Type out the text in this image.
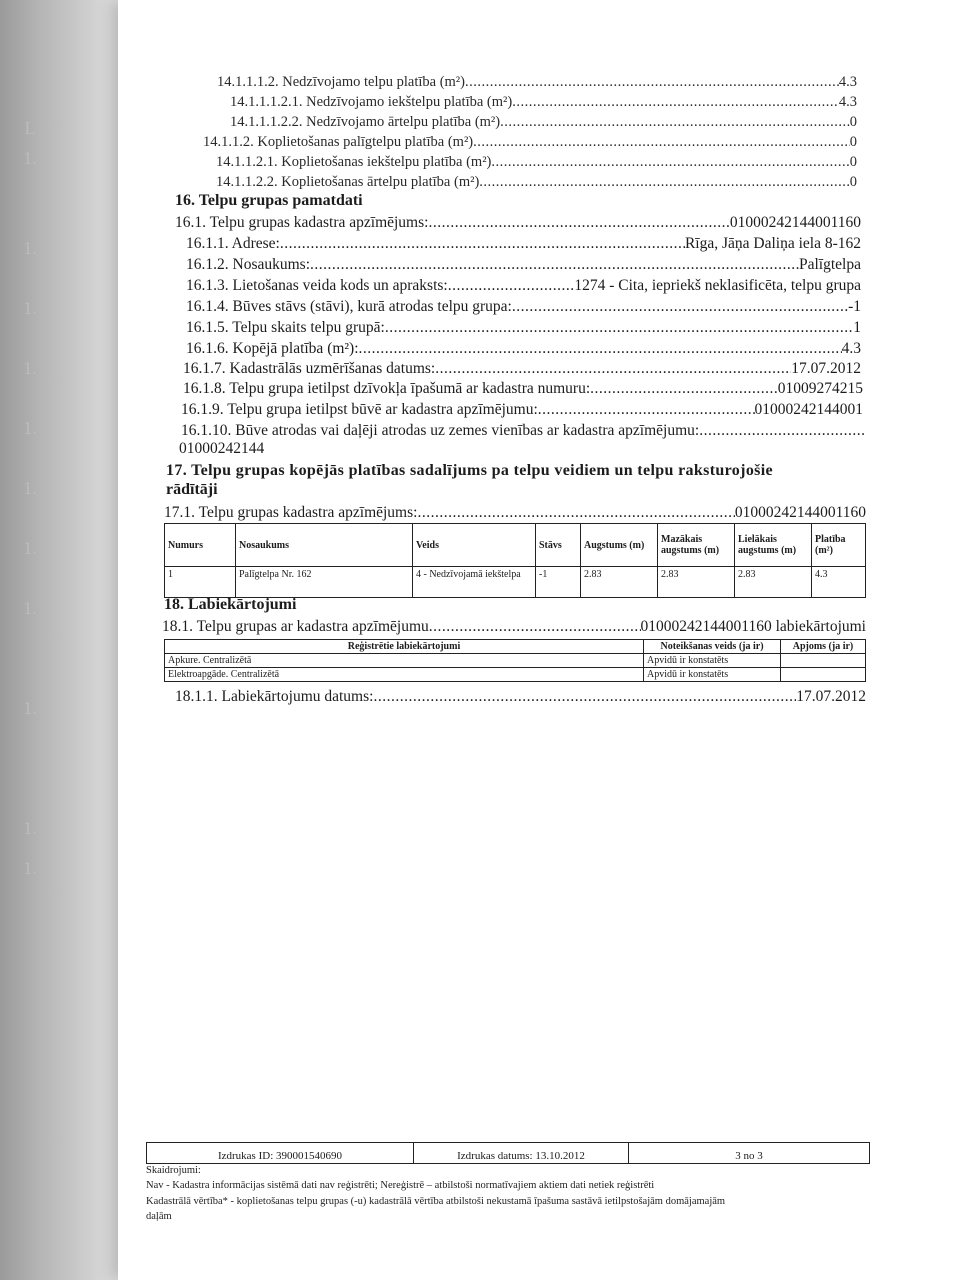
L
1.
1.
1.
1.
1.
1.
1.
1.
1.
1.
1.
14.1.1.1.2. Nedzīvojamo telpu platība (m²) .....	4.3
14.1.1.1.2.1. Nedzīvojamo iekštelpu platība (m²) .....	4.3
14.1.1.1.2.2. Nedzīvojamo ārtelpu platība (m²) .....	0
14.1.1.2. Koplietošanas palīgtelpu platība (m²) .....	0
14.1.1.2.1. Koplietošanas iekštelpu platība (m²) .....	0
14.1.1.2.2. Koplietošanas ārtelpu platība (m²) .....	0
16. Telpu grupas pamatdati
16.1. Telpu grupas kadastra apzīmējums: .....	01000242144001160
16.1.1. Adrese: .....	Rīga, Jāņa Daliņa iela 8-162
16.1.2. Nosaukums: .....	Palīgtelpa
16.1.3. Lietošanas veida kods un apraksts: .....	1274 - Cita, iepriekš neklasificēta, telpu grupa
16.1.4. Būves stāvs (stāvi), kurā atrodas telpu grupa: .....	-1
16.1.5. Telpu skaits telpu grupā: .....	1
16.1.6. Kopējā platība (m²): .....	4.3
16.1.7. Kadastrālās uzmērīšanas datums: .....	17.07.2012
16.1.8. Telpu grupa ietilpst dzīvokļa īpašumā ar kadastra numuru: .....	01009274215
16.1.9. Telpu grupa ietilpst būvē ar kadastra apzīmējumu: .....	01000242144001
16.1.10. Būve atrodas vai daļēji atrodas uz zemes vienības ar kadastra apzīmējumu:
.....
01000242144
17. Telpu grupas kopējās platības sadalījums pa telpu veidiem un telpu raksturojošie
rādītāji
17.1. Telpu grupas kadastra apzīmējums: .....	01000242144001160
Numurs	Nosaukums	Veids	Stāvs	Augstums (m)	Mazākais augstums (m)	Lielākais augstums (m)	Platība (m²)
1	Palīgtelpa Nr. 162	4 - Nedzīvojamā iekštelpa	-1	2.83	2.83	2.83	4.3
18. Labiekārtojumi
18.1. Telpu grupas ar kadastra apzīmējumu .....	01000242144001160 labiekārtojumi
Reģistrētie labiekārtojumi	Noteikšanas veids (ja ir)	Apjoms (ja ir)
Apkure. Centralizētā	Apvidū ir konstatēts	
Elektroapgāde. Centralizētā	Apvidū ir konstatēts	
18.1.1. Labiekārtojumu datums: .....	17.07.2012
Izdrukas ID: 390001540690	Izdrukas datums: 13.10.2012	3 no 3
Skaidrojumi:
Nav - Kadastra informācijas sistēmā dati nav reģistrēti; Nereģistrē – atbilstoši normatīvajiem aktiem dati netiek reģistrēti
Kadastrālā vērtība* - koplietošanas telpu grupas (-u) kadastrālā vērtība atbilstoši nekustamā īpašuma sastāvā ietilpstošajām domājamajām
daļām
